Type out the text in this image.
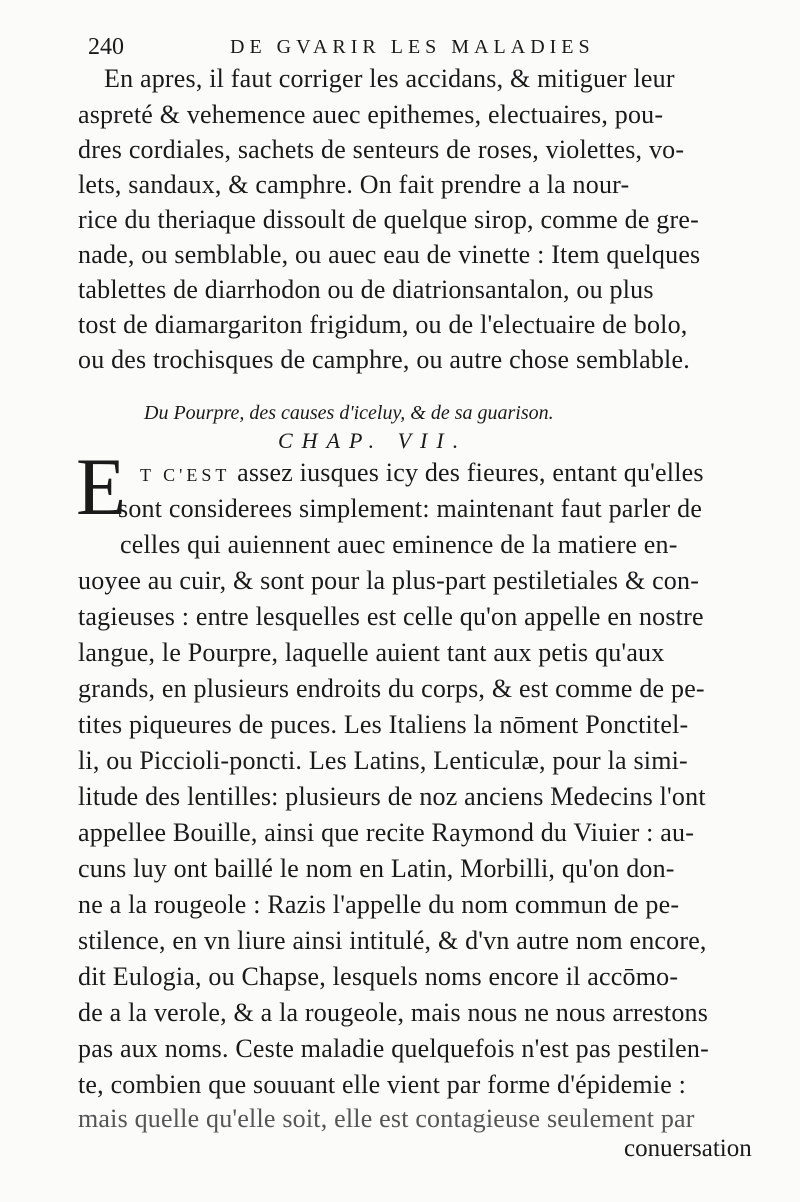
240	DE GVARIR LES MALADIES
En apres, il faut corriger les accidans, & mitiguer leur
aspreté & vehemence auec epithemes, electuaires, pou-
dres cordiales, sachets de senteurs de roses, violettes, vo-
lets, sandaux, & camphre. On fait prendre a la nour-
rice du theriaque dissoult de quelque sirop, comme de gre-
nade, ou semblable, ou auec eau de vinette : Item quelques
tablettes de diarrhodon ou de diatrionsantalon, ou plus
tost de diamargariton frigidum, ou de l'electuaire de bolo,
ou des trochisques de camphre, ou autre chose semblable.
Du Pourpre, des causes d'iceluy, & de sa guarison.
CHAP. VII.
E T C'EST assez iusques icy des fieures, entant qu'elles
sont considerees simplement: maintenant faut parler de
celles qui auiennent auec eminence de la matiere en-
uoyee au cuir, & sont pour la plus-part pestiletiales & con-
tagieuses : entre lesquelles est celle qu'on appelle en nostre
langue, le Pourpre, laquelle auient tant aux petis qu'aux
grands, en plusieurs endroits du corps, & est comme de pe-
tites piqueures de puces. Les Italiens la nōment Ponctitel-
li, ou Piccioli-poncti. Les Latins, Lenticulæ, pour la simi-
litude des lentilles: plusieurs de noz anciens Medecins l'ont
appellee Bouille, ainsi que recite Raymond du Viuier : au-
cuns luy ont baillé le nom en Latin, Morbilli, qu'on don-
ne a la rougeole : Razis l'appelle du nom commun de pe-
stilence, en vn liure ainsi intitulé, & d'vn autre nom encore,
dit Eulogia, ou Chapse, lesquels noms encore il accōmo-
de a la verole, & a la rougeole, mais nous ne nous arrestons
pas aux noms. Ceste maladie quelquefois n'est pas pestilen-
te, combien que souuant elle vient par forme d'épidemie :
mais quelle qu'elle soit, elle est contagieuse seulement par
conuersation
